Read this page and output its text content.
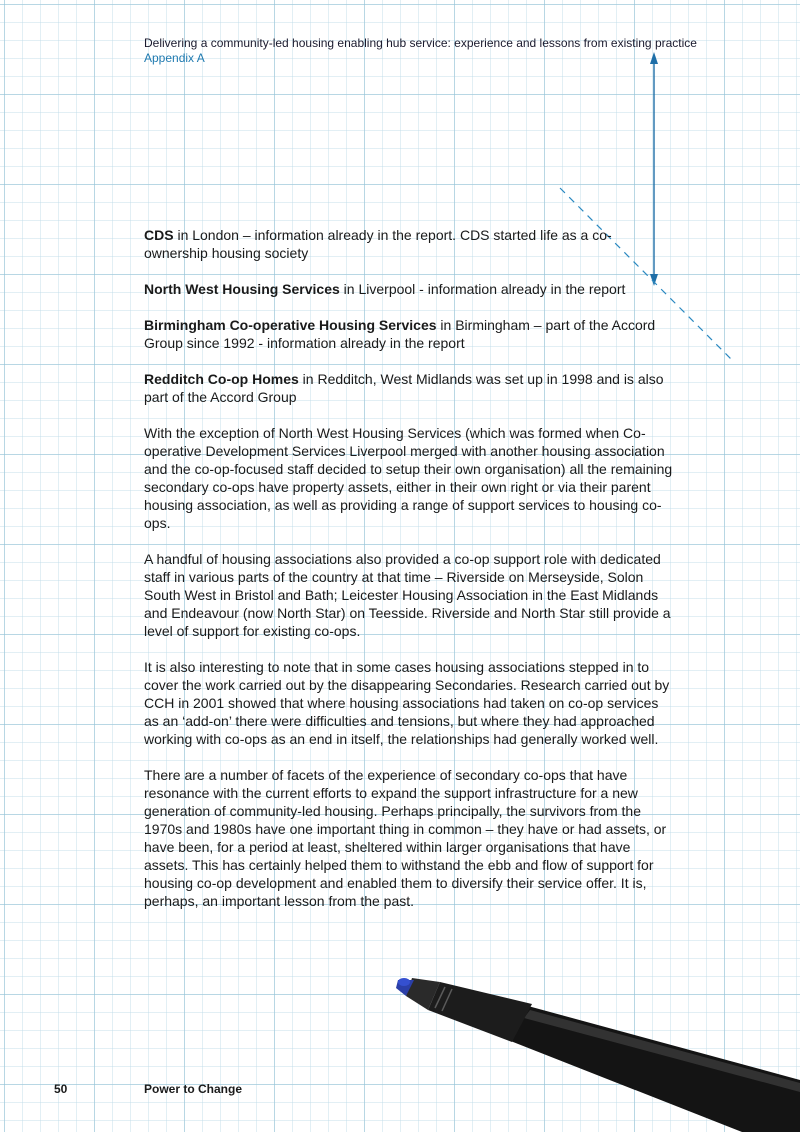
Delivering a community-led housing enabling hub service: experience and lessons from existing practice
Appendix A

CDS in London – information already in the report. CDS started life as a co-ownership housing society

North West Housing Services in Liverpool - information already in the report

Birmingham Co-operative Housing Services in Birmingham – part of the Accord Group since 1992 - information already in the report

Redditch Co-op Homes in Redditch, West Midlands was set up in 1998 and is also part of the Accord Group

With the exception of North West Housing Services (which was formed when Co-operative Development Services Liverpool merged with another housing association and the co-op-focused staff decided to setup their own organisation) all the remaining secondary co-ops have property assets, either in their own right or via their parent housing association, as well as providing a range of support services to housing co-ops.

A handful of housing associations also provided a co-op support role with dedicated staff in various parts of the country at that time – Riverside on Merseyside, Solon South West in Bristol and Bath; Leicester Housing Association in the East Midlands and Endeavour (now North Star) on Teesside. Riverside and North Star still provide a level of support for existing co-ops.

It is also interesting to note that in some cases housing associations stepped in to cover the work carried out by the disappearing Secondaries. Research carried out by CCH in 2001 showed that where housing associations had taken on co-op services as an ‘add-on’ there were difficulties and tensions, but where they had approached working with co-ops as an end in itself, the relationships had generally worked well.

There are a number of facets of the experience of secondary co-ops that have resonance with the current efforts to expand the support infrastructure for a new generation of community-led housing. Perhaps principally, the survivors from the 1970s and 1980s have one important thing in common – they have or had assets, or have been, for a period at least, sheltered within larger organisations that have assets. This has certainly helped them to withstand the ebb and flow of support for housing co-op development and enabled them to diversify their service offer. It is, perhaps, an important lesson from the past.

50	Power to Change
